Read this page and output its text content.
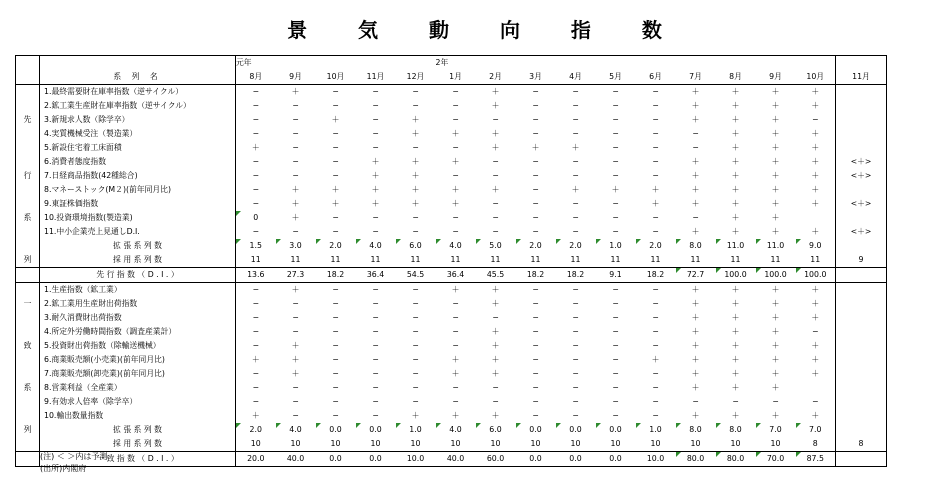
景 気 動 向 指 数
		元年					2年										
	系 列 名	8月	9月	10月	11月	12月	1月	2月	3月	4月	5月	6月	7月	8月	9月	10月	11月
	1.最終需要財在庫率指数（逆サイクル）	−	＋	−	−	−	−	＋	−	−	−	−	＋	＋	＋	＋	
	2.鉱工業生産財在庫率指数（逆サイクル）	−	−	−	−	−	−	＋	−	−	−	−	＋	＋	＋	＋	
先	3.新規求人数（除学卒）	−	−	＋	−	＋	−	−	−	−	−	−	＋	＋	＋	−	
	4.実質機械受注（製造業）	−	−	−	−	＋	＋	＋	−	−	−	−	−	＋	＋	＋	
	5.新設住宅着工床面積	＋	−	−	−	−	−	＋	＋	＋	−	−	−	＋	＋	＋	
	6.消費者態度指数	−	−	−	＋	＋	＋	−	−	−	−	−	＋	＋	＋	＋	<＋>
行	7.日経商品指数(42種総合)	−	−	−	＋	＋	−	−	−	−	−	−	＋	＋	＋	＋	<＋>
	8.マネーストック(M２)(前年同月比)	−	＋	＋	＋	＋	＋	＋	−	＋	＋	＋	＋	＋	＋	＋	
	9.東証株価指数	−	＋	＋	＋	＋	＋	−	−	−	−	＋	＋	＋	＋	＋	<＋>
系	10.投資環境指数(製造業)	0	＋	−	−	−	−	−	−	−	−	−	−	＋	＋		
	11.中小企業売上見通しD.I.	−	−	−	−	−	−	−	−	−	−	−	＋	＋	＋	＋	<＋>
	拡 張 系 列 数	1.5	3.0	2.0	4.0	6.0	4.0	5.0	2.0	2.0	1.0	2.0	8.0	11.0	11.0	9.0	
列	採 用 系 列 数	11	11	11	11	11	11	11	11	11	11	11	11	11	11	11	9
	先 行 指 数 （ D . I . ）	13.6	27.3	18.2	36.4	54.5	36.4	45.5	18.2	18.2	9.1	18.2	72.7	100.0	100.0	100.0	
	1.生産指数（鉱工業）	−	＋	−	−	−	＋	＋	−	−	−	−	＋	＋	＋	＋	
一	2.鉱工業用生産財出荷指数	−	−	−	−	−	−	＋	−	−	−	−	＋	＋	＋	＋	
	3.耐久消費財出荷指数	−	−	−	−	−	−	−	−	−	−	−	＋	＋	＋	＋	
	4.所定外労働時間指数（調査産業計）	−	−	−	−	−	−	＋	−	−	−	−	＋	＋	＋	−	
致	5.投資財出荷指数（除輸送機械）	−	＋	−	−	−	−	＋	−	−	−	−	＋	＋	＋	＋	
	6.商業販売額(小売業)(前年同月比)	＋	＋	−	−	−	＋	＋	−	−	−	＋	＋	＋	＋	＋	
	7.商業販売額(卸売業)(前年同月比)	−	＋	−	−	−	＋	＋	−	−	−	−	＋	＋	＋	＋	
系	8.営業利益（全産業）	−	−	−	−	−	−	−	−	−	−	−	＋	＋	＋		
	9.有効求人倍率（除学卒）	−	−	−	−	−	−	−	−	−	−	−	−	−	−	−	
	10.輸出数量指数	＋	−	−	−	＋	＋	＋	−	−	−	−	＋	＋	＋	＋	
列	拡 張 系 列 数	2.0	4.0	0.0	0.0	1.0	4.0	6.0	0.0	0.0	0.0	1.0	8.0	8.0	7.0	7.0	
	採 用 系 列 数	10	10	10	10	10	10	10	10	10	10	10	10	10	10	8	8
	一 致 指 数 （ D . I . ）	20.0	40.0	0.0	0.0	10.0	40.0	60.0	0.0	0.0	0.0	10.0	80.0	80.0	70.0	87.5	
(注) ＜ ＞内は予測
(出所)内閣府
